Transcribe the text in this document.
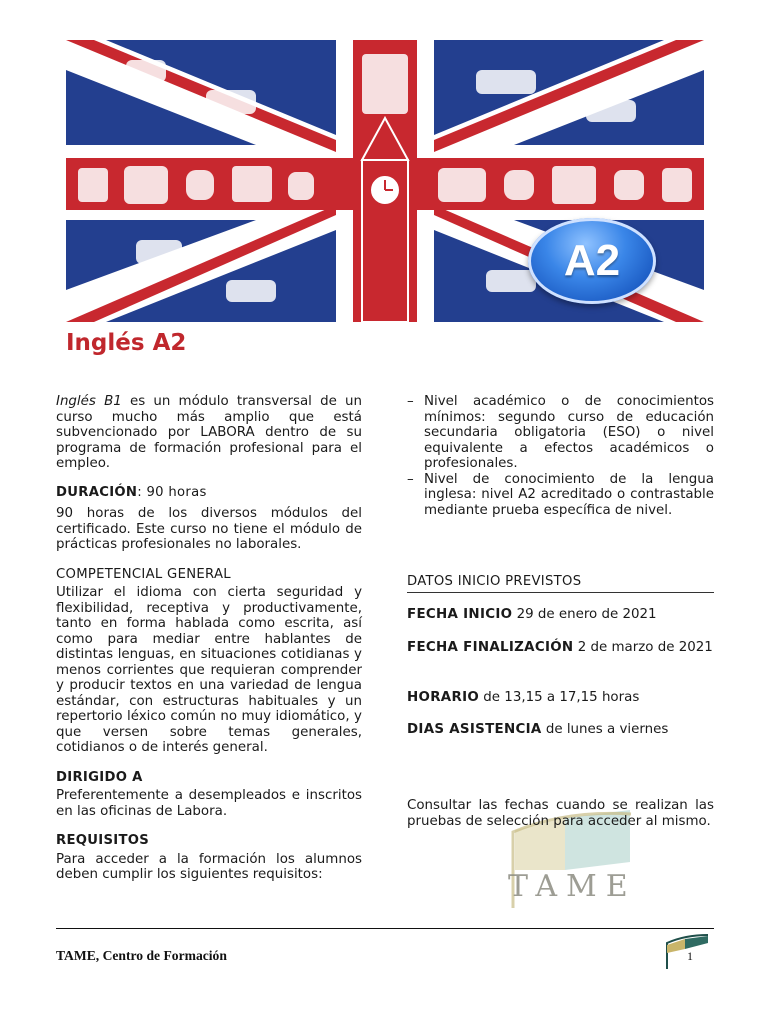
A2
Inglés A2

Inglés B1 es un módulo transversal de un curso mucho más amplio que está subvencionado por LABORA dentro de su programa de formación profesional para el empleo.

DURACIÓN: 90 horas

90 horas de los diversos módulos del certificado. Este curso no tiene el módulo de prácticas profesionales no laborales.

COMPETENCIAL GENERAL

Utilizar el idioma con cierta seguridad y flexibilidad, receptiva y productivamente, tanto en forma hablada como escrita, así como para mediar entre hablantes de distintas lenguas, en situaciones cotidianas y menos corrientes que requieran comprender y producir textos en una variedad de lengua estándar, con estructuras habituales y un repertorio léxico común no muy idiomático, y que versen sobre temas generales, cotidianos o de interés general.

DIRIGIDO A

Preferentemente a desempleados e inscritos en las oficinas de Labora.

REQUISITOS

Para acceder a la formación los alumnos deben cumplir los siguientes requisitos:

– Nivel académico o de conocimientos mínimos: segundo curso de educación secundaria obligatoria (ESO) o nivel equivalente a efectos académicos o profesionales.
– Nivel de conocimiento de la lengua inglesa: nivel A2 acreditado o contrastable mediante prueba específica de nivel.

DATOS INICIO PREVISTOS

FECHA INICIO 29 de enero de 2021

FECHA FINALIZACIÓN 2 de marzo de 2021

HORARIO de 13,15 a 17,15 horas

DIAS ASISTENCIA de lunes a viernes

TAME

Consultar las fechas cuando se realizan las pruebas de selección para acceder al mismo.

TAME, Centro de Formación	1
